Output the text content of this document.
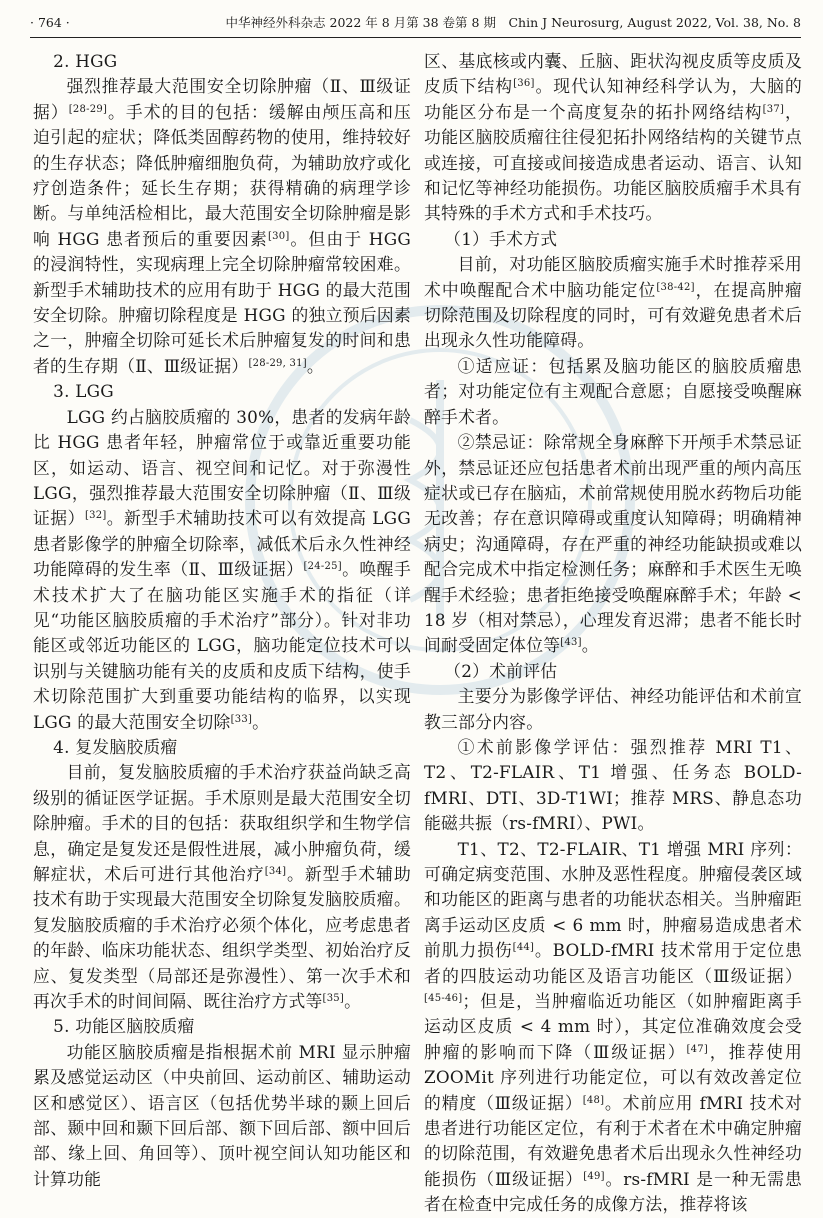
· 764 ·	中华神经外科杂志 2022 年 8 月第 38 卷第 8 期　Chin J Neurosurg, August 2022, Vol. 38, No. 8
2. HGG

强烈推荐最大范围安全切除肿瘤（Ⅱ、Ⅲ级证据）[28-29]。手术的目的包括：缓解由颅压高和压迫引起的症状；降低类固醇药物的使用，维持较好的生存状态；降低肿瘤细胞负荷，为辅助放疗或化疗创造条件；延长生存期；获得精确的病理学诊断。与单纯活检相比，最大范围安全切除肿瘤是影响 HGG 患者预后的重要因素[30]。但由于 HGG 的浸润特性，实现病理上完全切除肿瘤常较困难。新型手术辅助技术的应用有助于 HGG 的最大范围安全切除。肿瘤切除程度是 HGG 的独立预后因素之一，肿瘤全切除可延长术后肿瘤复发的时间和患者的生存期（Ⅱ、Ⅲ级证据）[28-29, 31]。

3. LGG

LGG 约占脑胶质瘤的 30%，患者的发病年龄比 HGG 患者年轻，肿瘤常位于或靠近重要功能区，如运动、语言、视空间和记忆。对于弥漫性 LGG，强烈推荐最大范围安全切除肿瘤（Ⅱ、Ⅲ级证据）[32]。新型手术辅助技术可以有效提高 LGG 患者影像学的肿瘤全切除率，减低术后永久性神经功能障碍的发生率（Ⅱ、Ⅲ级证据）[24-25]。唤醒手术技术扩大了在脑功能区实施手术的指征（详见“功能区脑胶质瘤的手术治疗”部分）。针对非功能区或邻近功能区的 LGG，脑功能定位技术可以识别与关键脑功能有关的皮质和皮质下结构，使手术切除范围扩大到重要功能结构的临界，以实现 LGG 的最大范围安全切除[33]。

4. 复发脑胶质瘤

目前，复发脑胶质瘤的手术治疗获益尚缺乏高级别的循证医学证据。手术原则是最大范围安全切除肿瘤。手术的目的包括：获取组织学和生物学信息，确定是复发还是假性进展，减小肿瘤负荷，缓解症状，术后可进行其他治疗[34]。新型手术辅助技术有助于实现最大范围安全切除复发脑胶质瘤。复发脑胶质瘤的手术治疗必须个体化，应考虑患者的年龄、临床功能状态、组织学类型、初始治疗反应、复发类型（局部还是弥漫性）、第一次手术和再次手术的时间间隔、既往治疗方式等[35]。

5. 功能区脑胶质瘤

功能区脑胶质瘤是指根据术前 MRI 显示肿瘤累及感觉运动区（中央前回、运动前区、辅助运动区和感觉区）、语言区（包括优势半球的颞上回后部、颞中回和颞下回后部、额下回后部、额中回后部、缘上回、角回等）、顶叶视空间认知功能区和计算功能

区、基底核或内囊、丘脑、距状沟视皮质等皮质及皮质下结构[36]。现代认知神经科学认为，大脑的功能区分布是一个高度复杂的拓扑网络结构[37]，功能区脑胶质瘤往往侵犯拓扑网络结构的关键节点或连接，可直接或间接造成患者运动、语言、认知和记忆等神经功能损伤。功能区脑胶质瘤手术具有其特殊的手术方式和手术技巧。

（1）手术方式

目前，对功能区脑胶质瘤实施手术时推荐采用术中唤醒配合术中脑功能定位[38-42]，在提高肿瘤切除范围及切除程度的同时，可有效避免患者术后出现永久性功能障碍。

①适应证：包括累及脑功能区的脑胶质瘤患者；对功能定位有主观配合意愿；自愿接受唤醒麻醉手术者。

②禁忌证：除常规全身麻醉下开颅手术禁忌证外，禁忌证还应包括患者术前出现严重的颅内高压症状或已存在脑疝，术前常规使用脱水药物后功能无改善；存在意识障碍或重度认知障碍；明确精神病史；沟通障碍，存在严重的神经功能缺损或难以配合完成术中指定检测任务；麻醉和手术医生无唤醒手术经验；患者拒绝接受唤醒麻醉手术；年龄 < 18 岁（相对禁忌），心理发育迟滞；患者不能长时间耐受固定体位等[43]。

（2）术前评估

主要分为影像学评估、神经功能评估和术前宣教三部分内容。

①术前影像学评估：强烈推荐 MRI T1、T2、T2-FLAIR、T1 增强、任务态 BOLD-fMRI、DTI、3D-T1WI；推荐 MRS、静息态功能磁共振（rs-fMRI）、PWI。

T1、T2、T2-FLAIR、T1 增强 MRI 序列：可确定病变范围、水肿及恶性程度。肿瘤侵袭区域和功能区的距离与患者的功能状态相关。当肿瘤距离手运动区皮质 < 6 mm 时，肿瘤易造成患者术前肌力损伤[44]。BOLD-fMRI 技术常用于定位患者的四肢运动功能区及语言功能区（Ⅲ级证据）[45-46]；但是，当肿瘤临近功能区（如肿瘤距离手运动区皮质 < 4 mm 时），其定位准确效度会受肿瘤的影响而下降（Ⅲ级证据）[47]，推荐使用 ZOOMit 序列进行功能定位，可以有效改善定位的精度（Ⅲ级证据）[48]。术前应用 fMRI 技术对患者进行功能区定位，有利于术者在术中确定肿瘤的切除范围，有效避免患者术后出现永久性神经功能损伤（Ⅲ级证据）[49]。rs-fMRI 是一种无需患者在检查中完成任务的成像方法，推荐将该
